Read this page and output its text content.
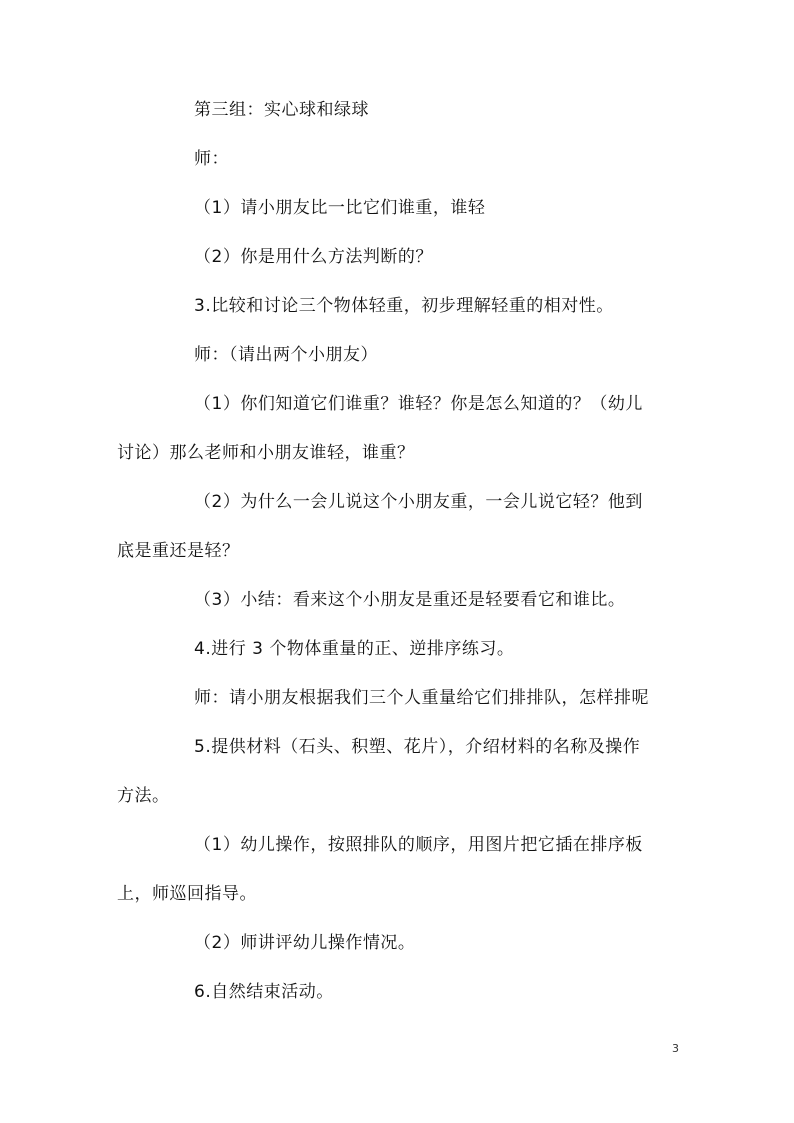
第三组：实心球和绿球
师：
（1）请小朋友比一比它们谁重，谁轻
（2）你是用什么方法判断的？
3.比较和讨论三个物体轻重，初步理解轻重的相对性。
师：（请出两个小朋友）
（1）你们知道它们谁重？谁轻？你是怎么知道的？（幼儿
讨论）那么老师和小朋友谁轻，谁重？
（2）为什么一会儿说这个小朋友重，一会儿说它轻？他到
底是重还是轻？
（3）小结：看来这个小朋友是重还是轻要看它和谁比。
4.进行 3 个物体重量的正、逆排序练习。
师：请小朋友根据我们三个人重量给它们排排队，怎样排呢
5.提供材料（石头、积塑、花片），介绍材料的名称及操作
方法。
（1）幼儿操作，按照排队的顺序，用图片把它插在排序板
上，师巡回指导。
（2）师讲评幼儿操作情况。
6.自然结束活动。
3
